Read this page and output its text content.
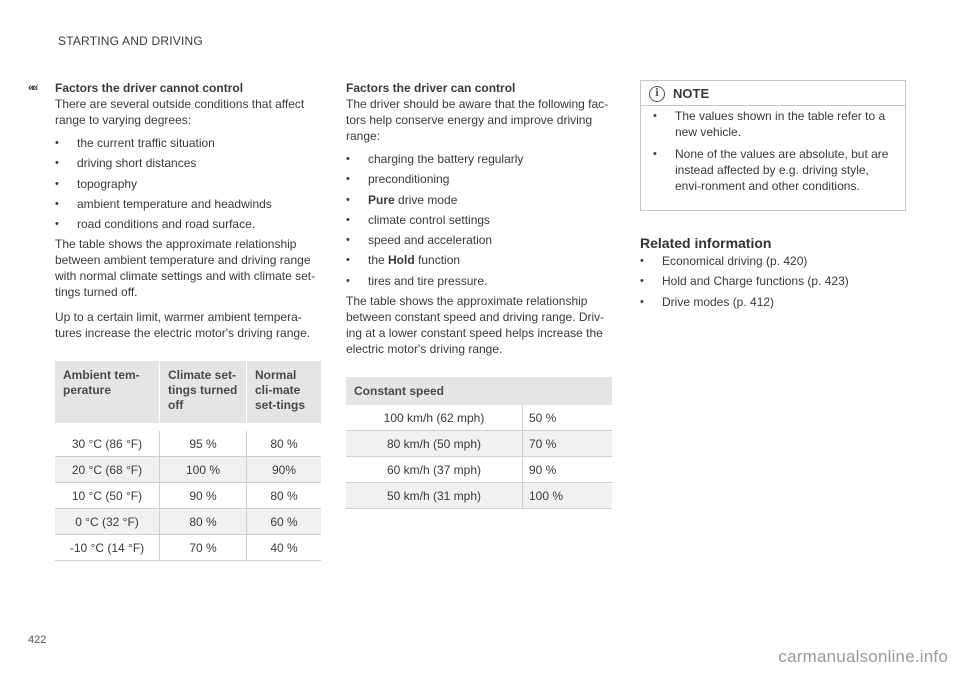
STARTING AND DRIVING
«« Factors the driver cannot control

There are several outside conditions that affect range to varying degrees:

• the current traffic situation
• driving short distances
• topography
• ambient temperature and headwinds
• road conditions and road surface.

The table shows the approximate relationship between ambient temperature and driving range with normal climate settings and with climate set-tings turned off.

Up to a certain limit, warmer ambient tempera-tures increase the electric motor's driving range.

Ambient tem-perature	Climate set-tings turned off	Normal cli-mate set-tings

30 °C (86 °F)	95 %	80 %
20 °C (68 °F)	100 %	90%
10 °C (50 °F)	90 %	80 %
0 °C (32 °F)	80 %	60 %
-10 °C (14 °F)	70 %	40 %
Factors the driver can control

The driver should be aware that the following fac-tors help conserve energy and improve driving range:

• charging the battery regularly
• preconditioning
• Pure drive mode
• climate control settings
• speed and acceleration
• the Hold function
• tires and tire pressure.

The table shows the approximate relationship between constant speed and driving range. Driv-ing at a lower constant speed helps increase the electric motor's driving range.

Constant speed	
100 km/h (62 mph)	50 %
80 km/h (50 mph)	70 %
60 km/h (37 mph)	90 %
50 km/h (31 mph)	100 %
i	NOTE
• The values shown in the table refer to a new vehicle.
• None of the values are absolute, but are instead affected by e.g. driving style, envi-ronment and other conditions.
Related information
• Economical driving (p. 420)
• Hold and Charge functions (p. 423)
• Drive modes (p. 412)
422
carmanualsonline.info
